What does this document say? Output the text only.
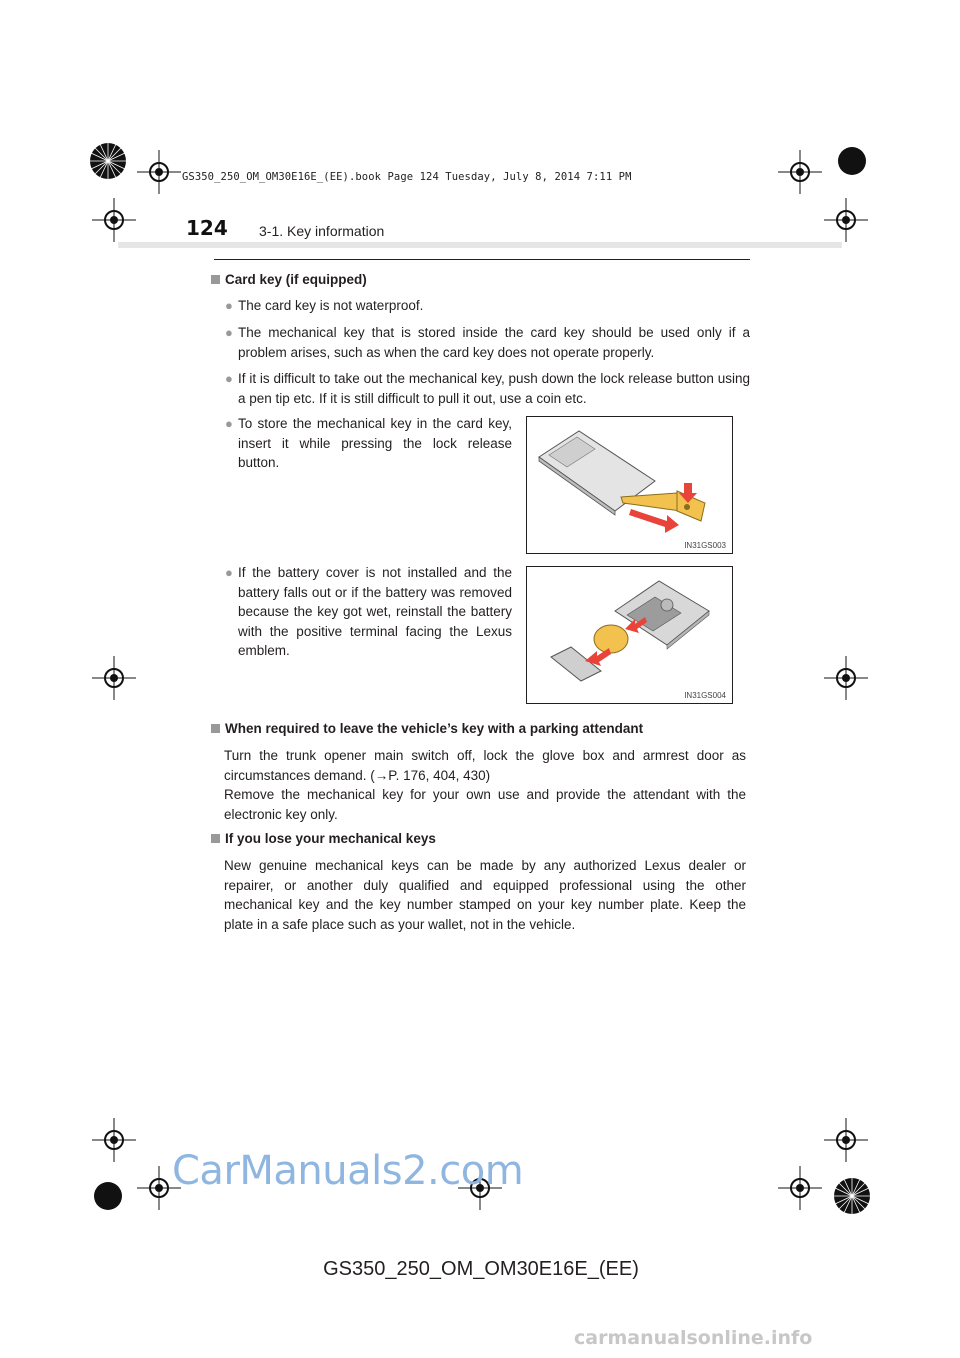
GS350_250_OM_OM30E16E_(EE).book Page 124 Tuesday, July 8, 2014 7:11 PM
124 3-1. Key information
Card key (if equipped)
● The card key is not waterproof.
● The mechanical key that is stored inside the card key should be used only if a problem arises, such as when the card key does not operate properly.
● If it is difficult to take out the mechanical key, push down the lock release button using a pen tip etc. If it is still difficult to pull it out, use a coin etc.
● To store the mechanical key in the card key, insert it while pressing the lock release button.
● If the battery cover is not installed and the battery falls out or if the battery was removed because the key got wet, reinstall the battery with the positive terminal facing the Lexus emblem.
IN31GS003
IN31GS004
When required to leave the vehicle’s key with a parking attendant
Turn the trunk opener main switch off, lock the glove box and armrest door as circumstances demand. (→P. 176, 404, 430)
Remove the mechanical key for your own use and provide the attendant with the electronic key only.
If you lose your mechanical keys
New genuine mechanical keys can be made by any authorized Lexus dealer or repairer, or another duly qualified and equipped professional using the other mechanical key and the key number stamped on your key number plate. Keep the plate in a safe place such as your wallet, not in the vehicle.
CarManuals2.com
GS350_250_OM_OM30E16E_(EE)
carmanualsonline.info
